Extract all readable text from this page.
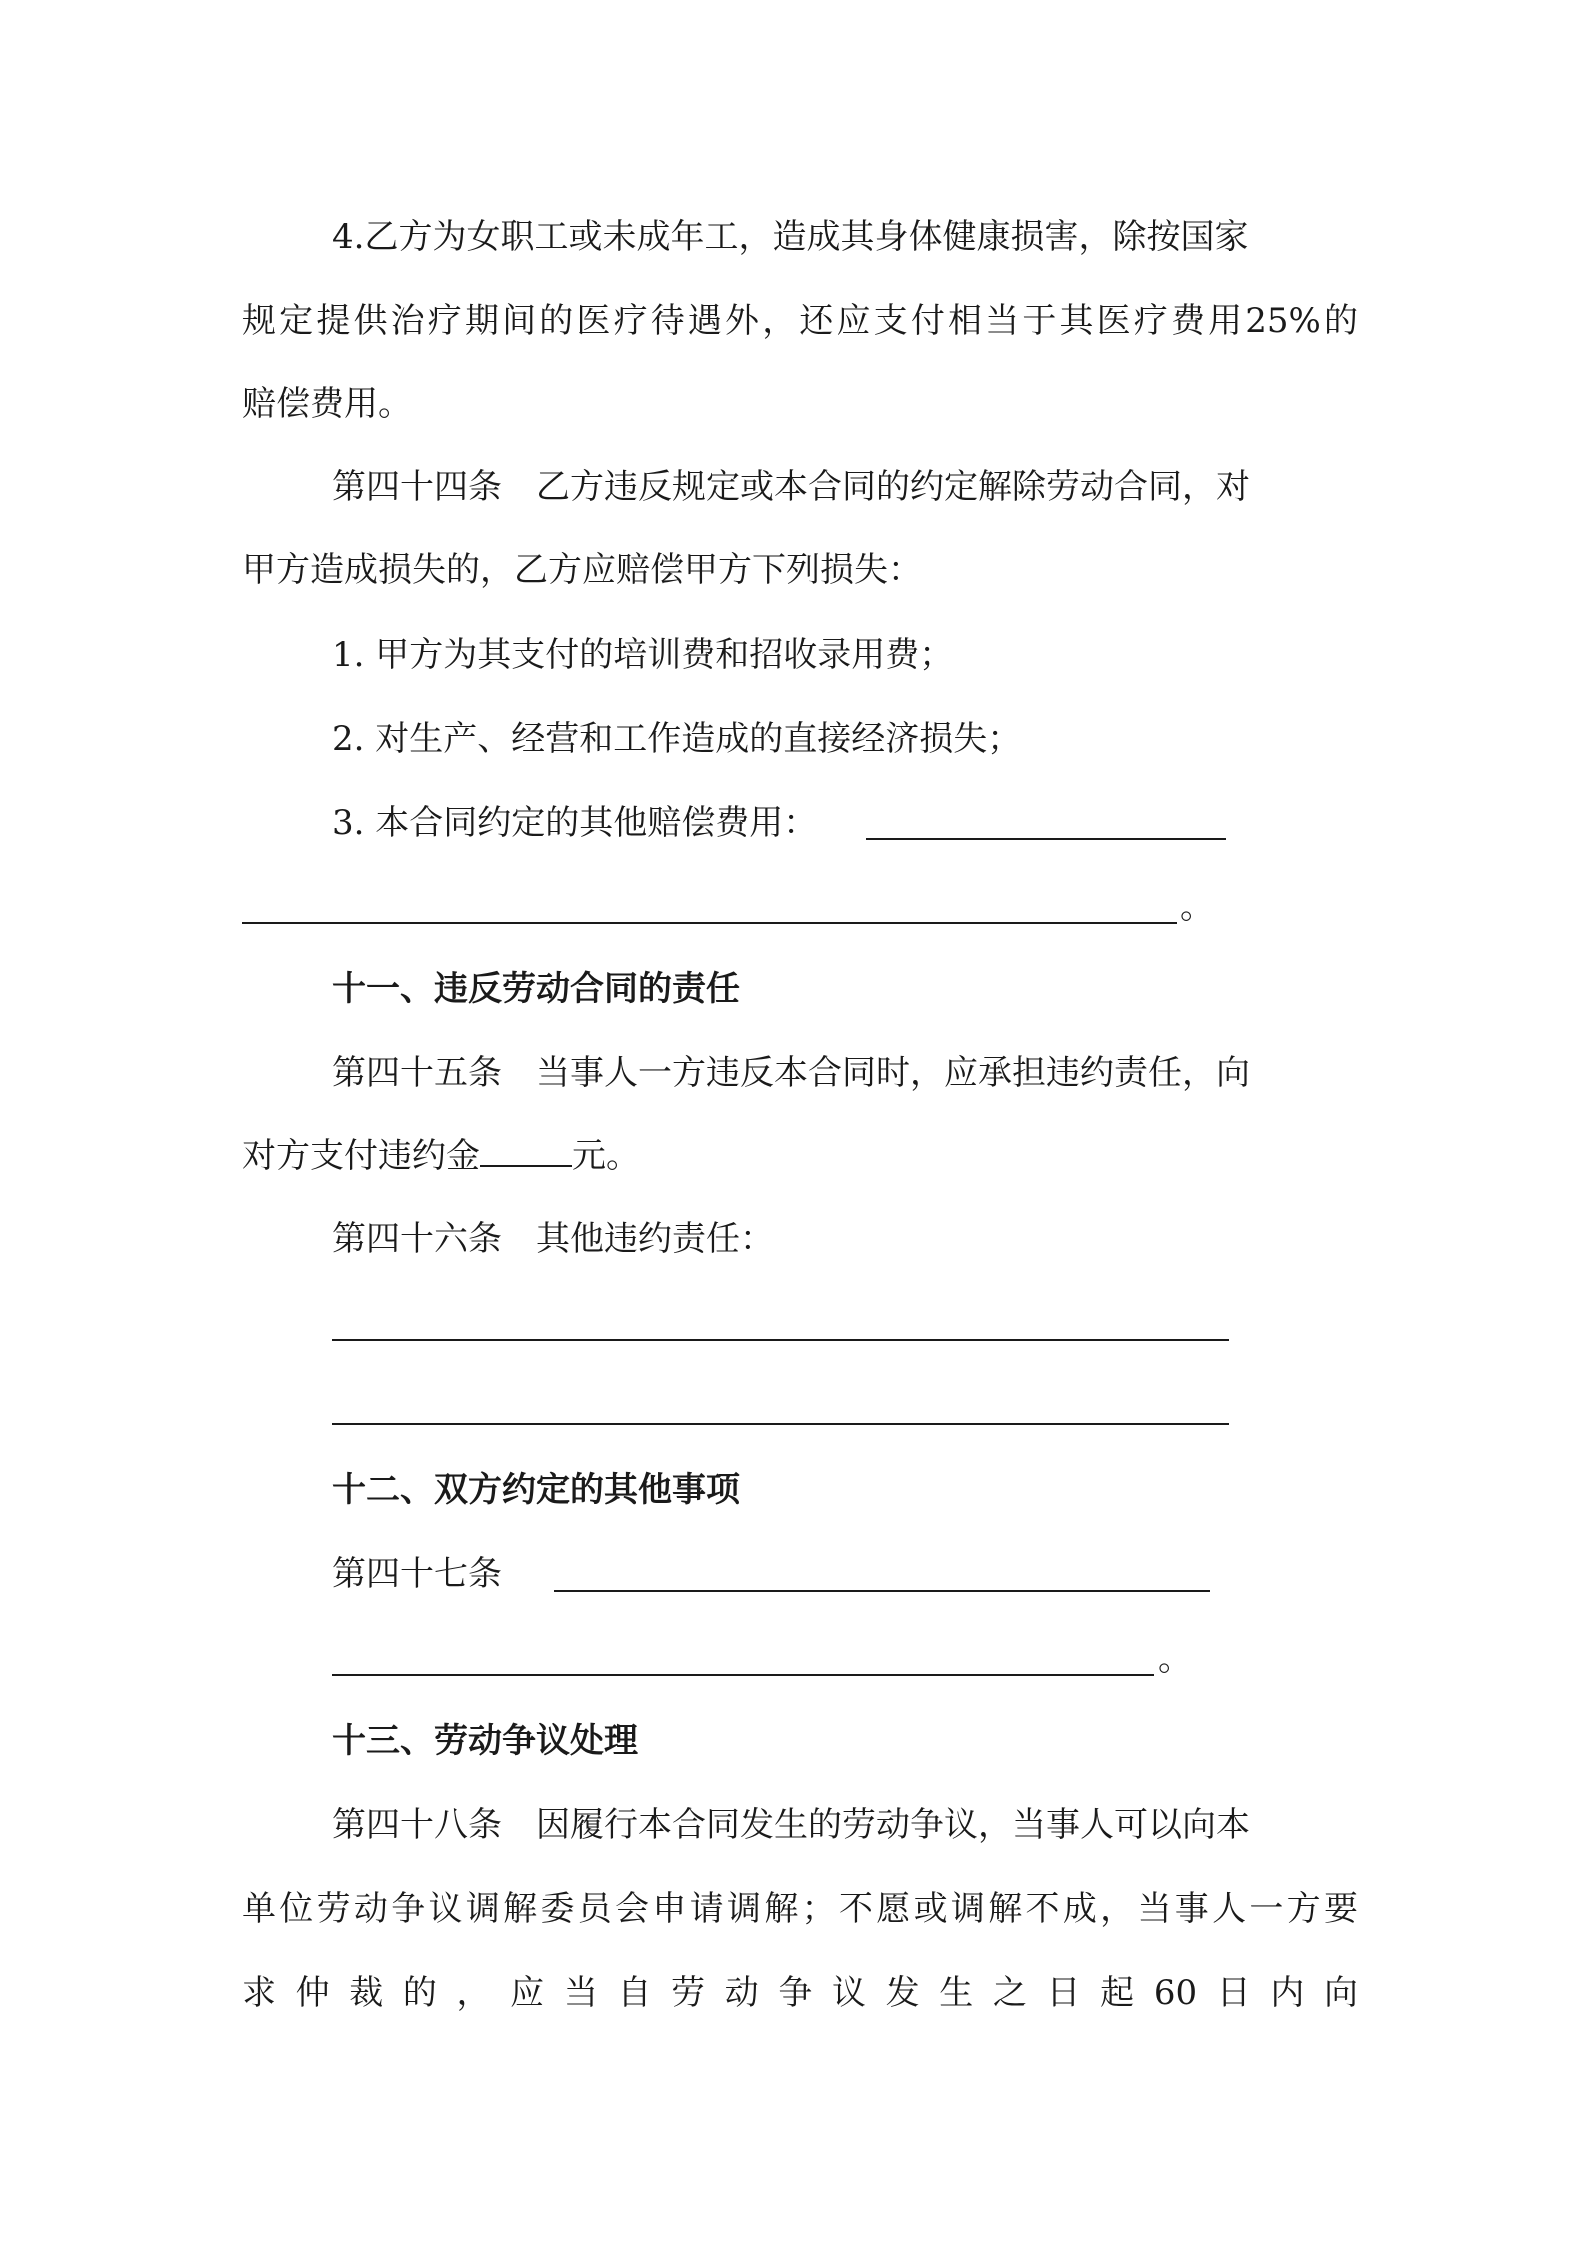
4.乙方为女职工或未成年工，造成其身体健康损害，除按国家
规定提供治疗期间的医疗待遇外，还应支付相当于其医疗费用25%的
赔偿费用。
第四十四条　乙方违反规定或本合同的约定解除劳动合同，对
甲方造成损失的，乙方应赔偿甲方下列损失：
1. 甲方为其支付的培训费和招收录用费；
2. 对生产、经营和工作造成的直接经济损失；
3. 本合同约定的其他赔偿费用：
。
十一、违反劳动合同的责任
第四十五条　当事人一方违反本合同时，应承担违约责任，向
对方支付违约金	元。
第四十六条　其他违约责任：
十二、双方约定的其他事项
第四十七条
。
十三、劳动争议处理
第四十八条　因履行本合同发生的劳动争议，当事人可以向本
单位劳动争议调解委员会申请调解；不愿或调解不成，当事人一方要
求仲裁的，应当自劳动争议发生之日起60日内向
